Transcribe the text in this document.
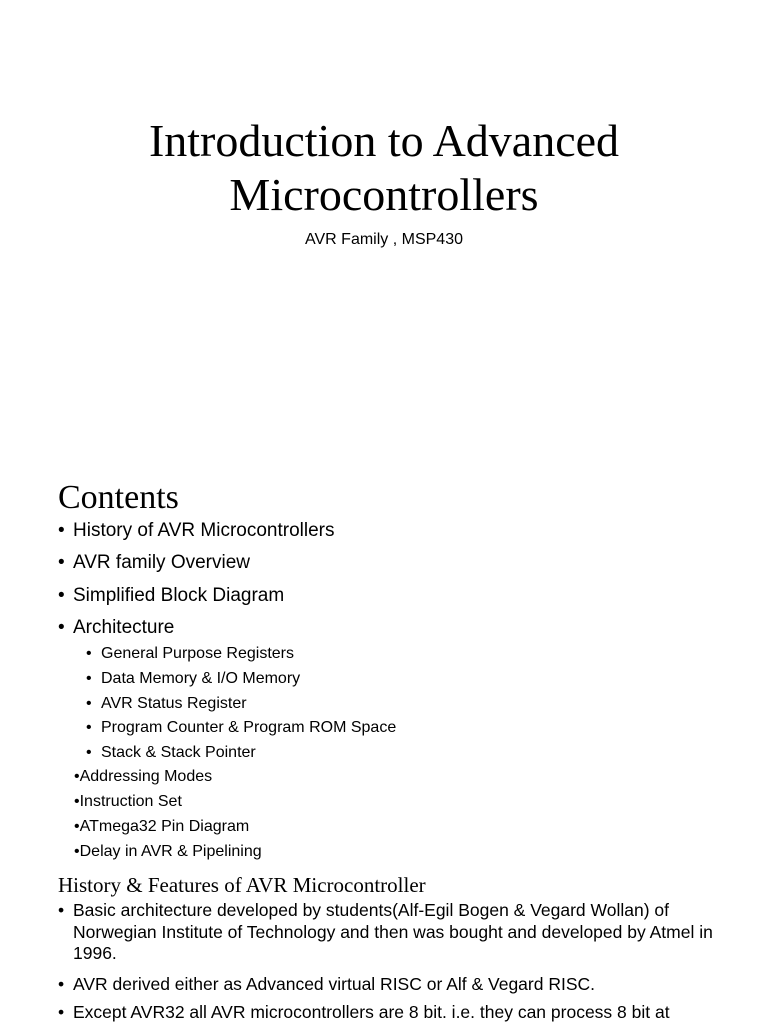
Introduction to Advanced
Microcontrollers
AVR Family , MSP430
Contents
• History of AVR Microcontrollers
• AVR family Overview
• Simplified Block Diagram
• Architecture
• General Purpose Registers
• Data Memory & I/O Memory
• AVR Status Register
• Program Counter & Program ROM Space
• Stack & Stack Pointer
•Addressing Modes
•Instruction Set
•ATmega32 Pin Diagram
•Delay in AVR & Pipelining
History & Features of AVR Microcontroller
• Basic architecture developed by students(Alf-Egil Bogen & Vegard Wollan) of Norwegian Institute of Technology and then was bought and developed by Atmel in 1996.
• AVR derived either as Advanced virtual RISC or Alf & Vegard RISC.
• Except AVR32 all AVR microcontrollers are 8 bit. i.e. they can process 8 bit at
